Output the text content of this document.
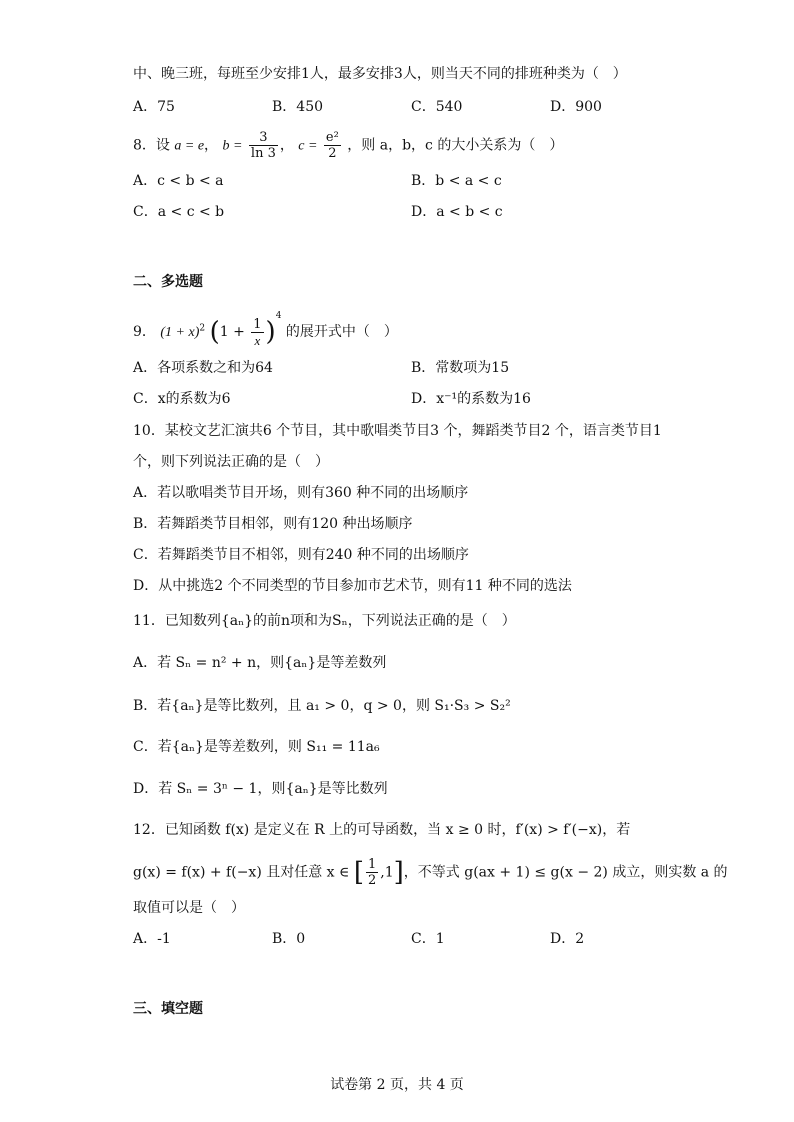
中、晚三班，每班至少安排1人，最多安排3人，则当天不同的排班种类为（　）
A．75	B．450	C．540	D．900
8．设 a = e， $b = \frac{3}{\ln 3}$ ， $c = \frac{\text{e²}}{2}$ ，则 a，b，c 的大小关系为（　）
A．c < b < a	B．b < a < c
C．a < c < b	D．a < b < c
二、多选题
9． $(1 + x)^2$ $(1 + \frac{1}{x} )^4$ 的展开式中（　）
A．各项系数之和为64	B．常数项为15
C．x的系数为6	D．x⁻¹的系数为16
10．某校文艺汇演共6 个节目，其中歌唱类节目3 个，舞蹈类节目2 个，语言类节目1
个，则下列说法正确的是（　）
A．若以歌唱类节目开场，则有360 种不同的出场顺序
B．若舞蹈类节目相邻，则有120 种出场顺序
C．若舞蹈类节目不相邻，则有240 种不同的出场顺序
D．从中挑选2 个不同类型的节目参加市艺术节，则有11 种不同的选法
11．已知数列{aₙ}的前n项和为Sₙ，下列说法正确的是（　）
A．若 Sₙ = n² + n，则{aₙ}是等差数列
B．若{aₙ}是等比数列，且 a₁ > 0，q > 0，则 S₁·S₃ > S₂²
C．若{aₙ}是等差数列，则 S₁₁ = 11a₆
D．若 Sₙ = 3ⁿ − 1，则{aₙ}是等比数列
12．已知函数 f(x) 是定义在 R 上的可导函数，当 x ≥ 0 时，f′(x) > f′(−x)，若
g(x) = f(x) + f(−x) 且对任意 x ∈ [ $\frac{1}{2} ,1$]，不等式 g(ax + 1) ≤ g(x − 2) 成立，则实数 a 的
取值可以是（　）
A．-1	B．0	C．1	D．2
三、填空题
试卷第 2 页，共 4 页
